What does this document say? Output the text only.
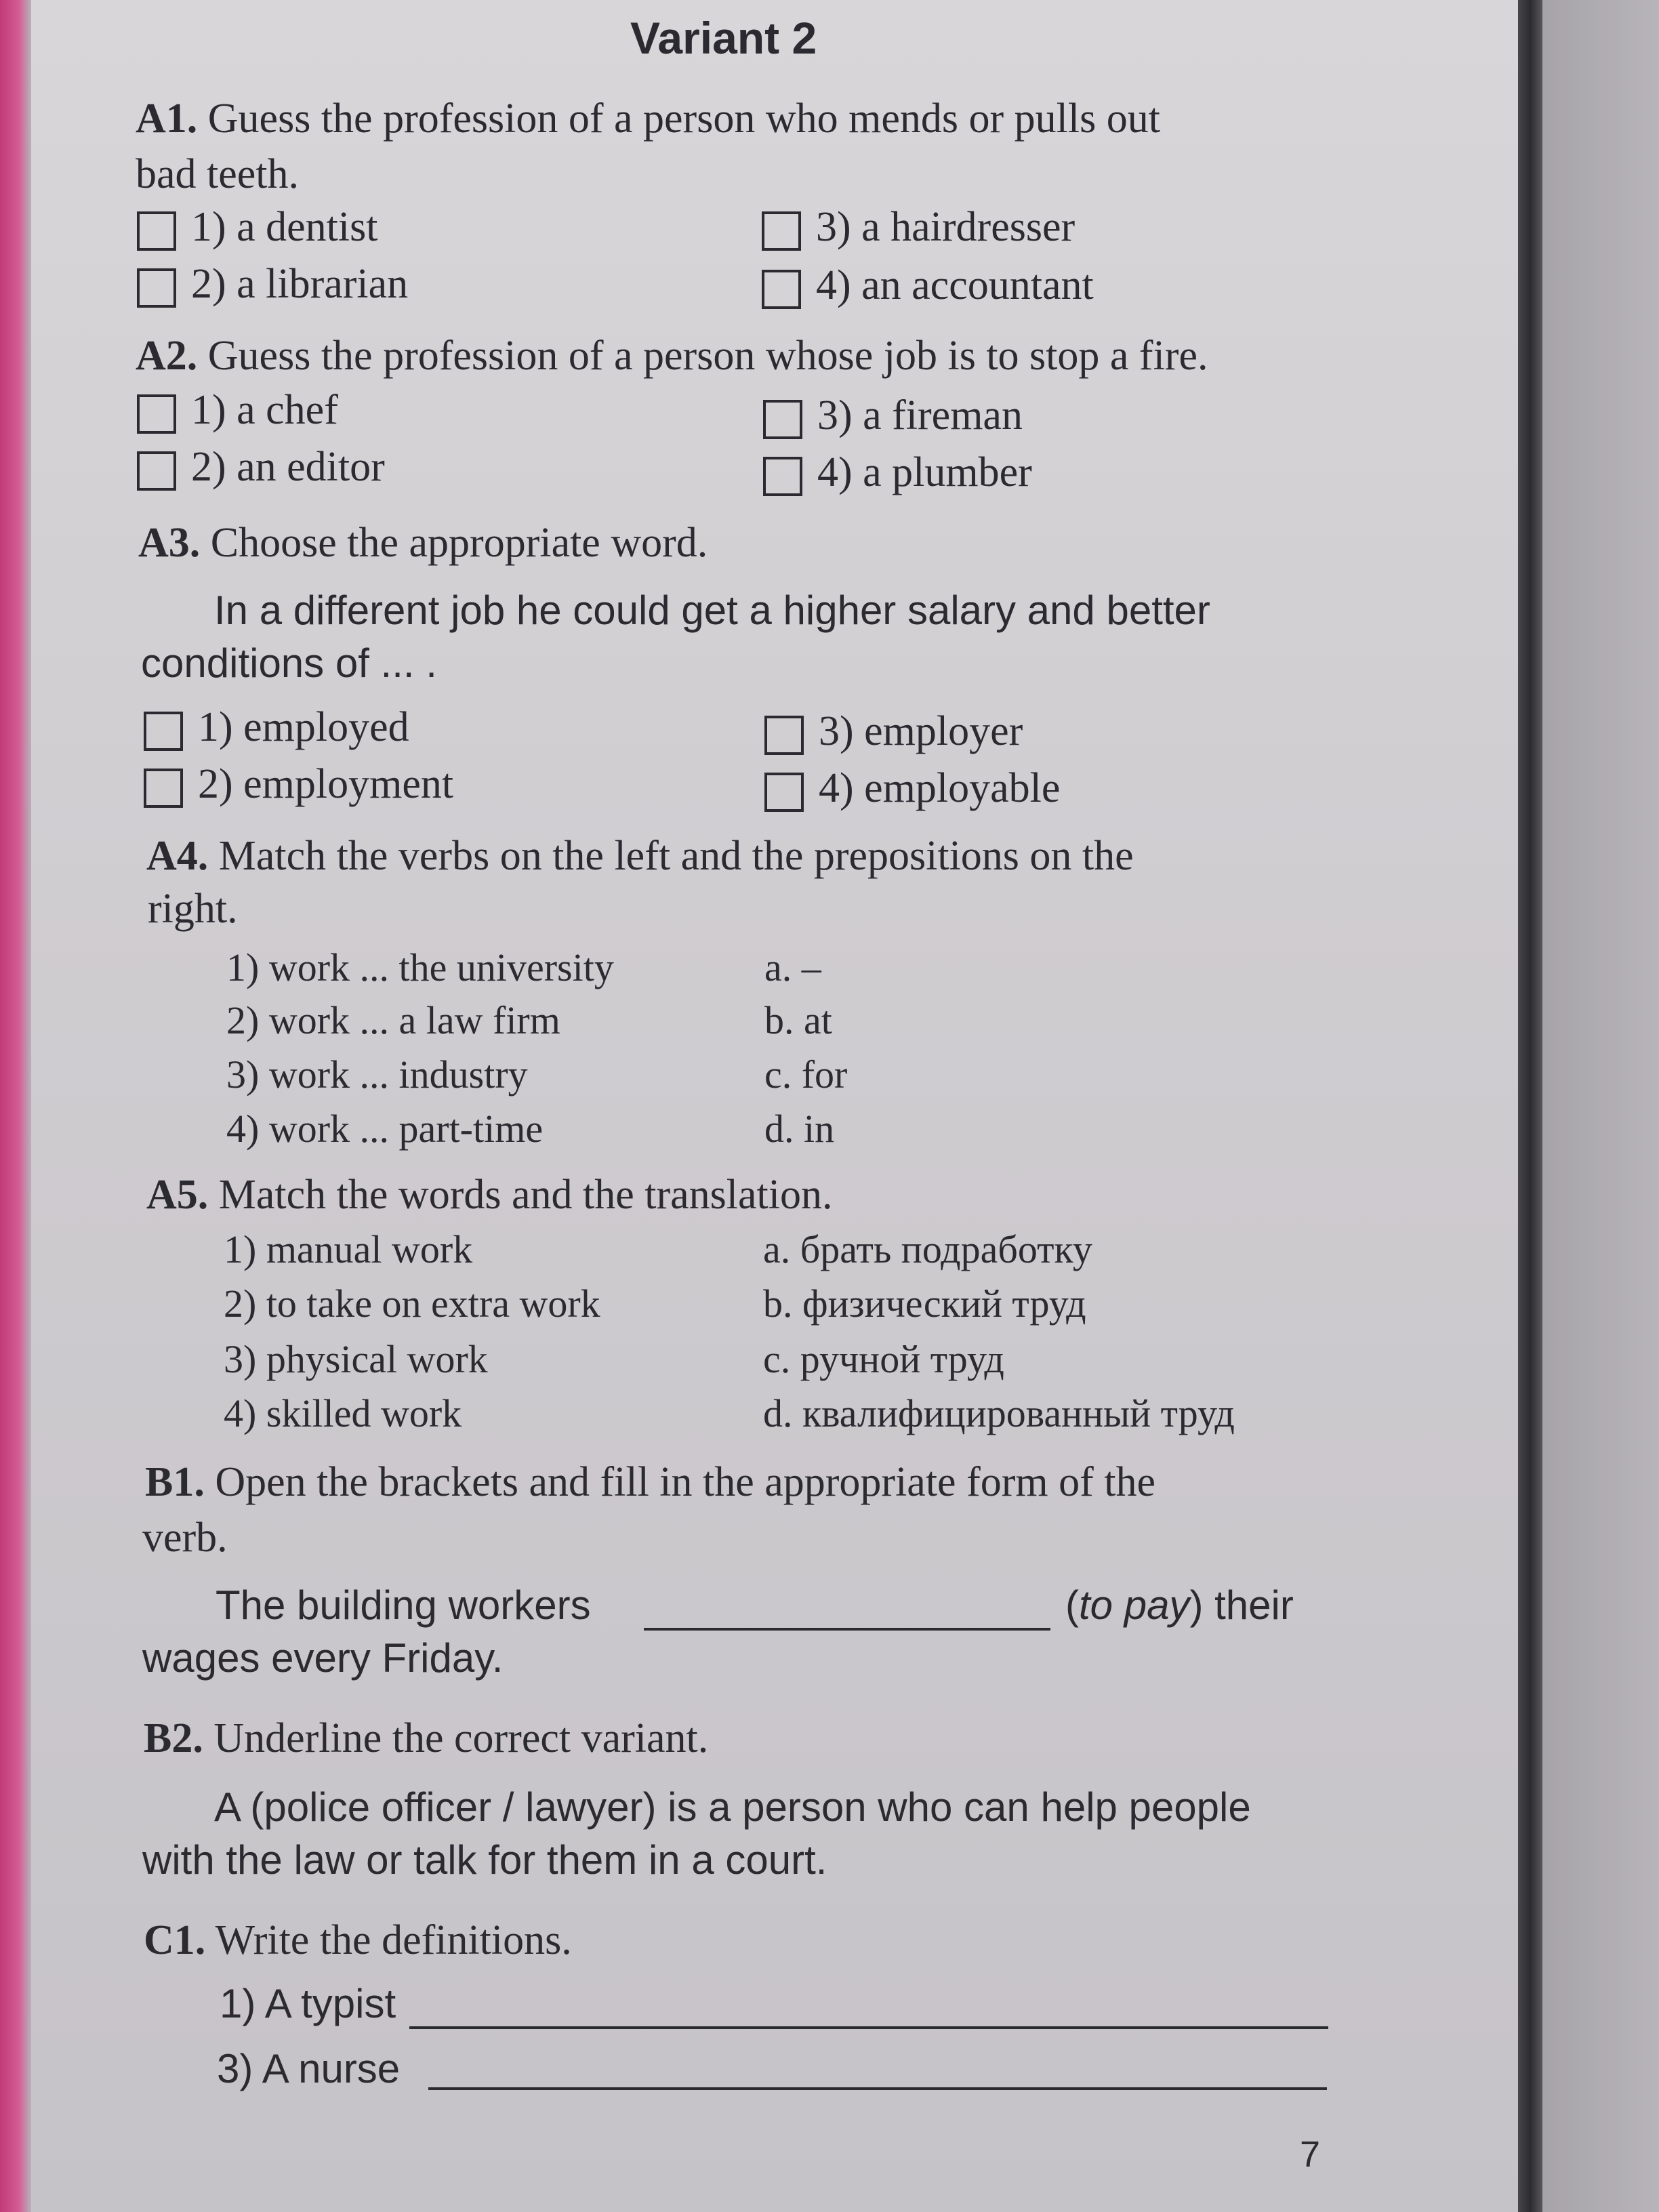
Variant 2
A1. Guess the profession of a person who mends or pulls out
bad teeth.
1) a dentist
2) a librarian
3) a hairdresser
4) an accountant
A2. Guess the profession of a person whose job is to stop a fire.
1) a chef
2) an editor
3) a fireman
4) a plumber
A3. Choose the appropriate word.
In a different job he could get a higher salary and better
conditions of ... .
1) employed
2) employment
3) employer
4) employable
A4. Match the verbs on the left and the prepositions on the
right.
1) work ... the university
2) work ... a law firm
3) work ... industry
4) work ... part-time
a. –
b. at
c. for
d. in
A5. Match the words and the translation.
1) manual work
2) to take on extra work
3) physical work
4) skilled work
a. брать подработку
b. физический труд
c. ручной труд
d. квалифицированный труд
B1. Open the brackets and fill in the appropriate form of the
verb.
The building workers	(to pay) their
wages every Friday.
B2. Underline the correct variant.
A (police officer / lawyer) is a person who can help people
with the law or talk for them in a court.
C1. Write the definitions.
1) A typist
3) A nurse
7
